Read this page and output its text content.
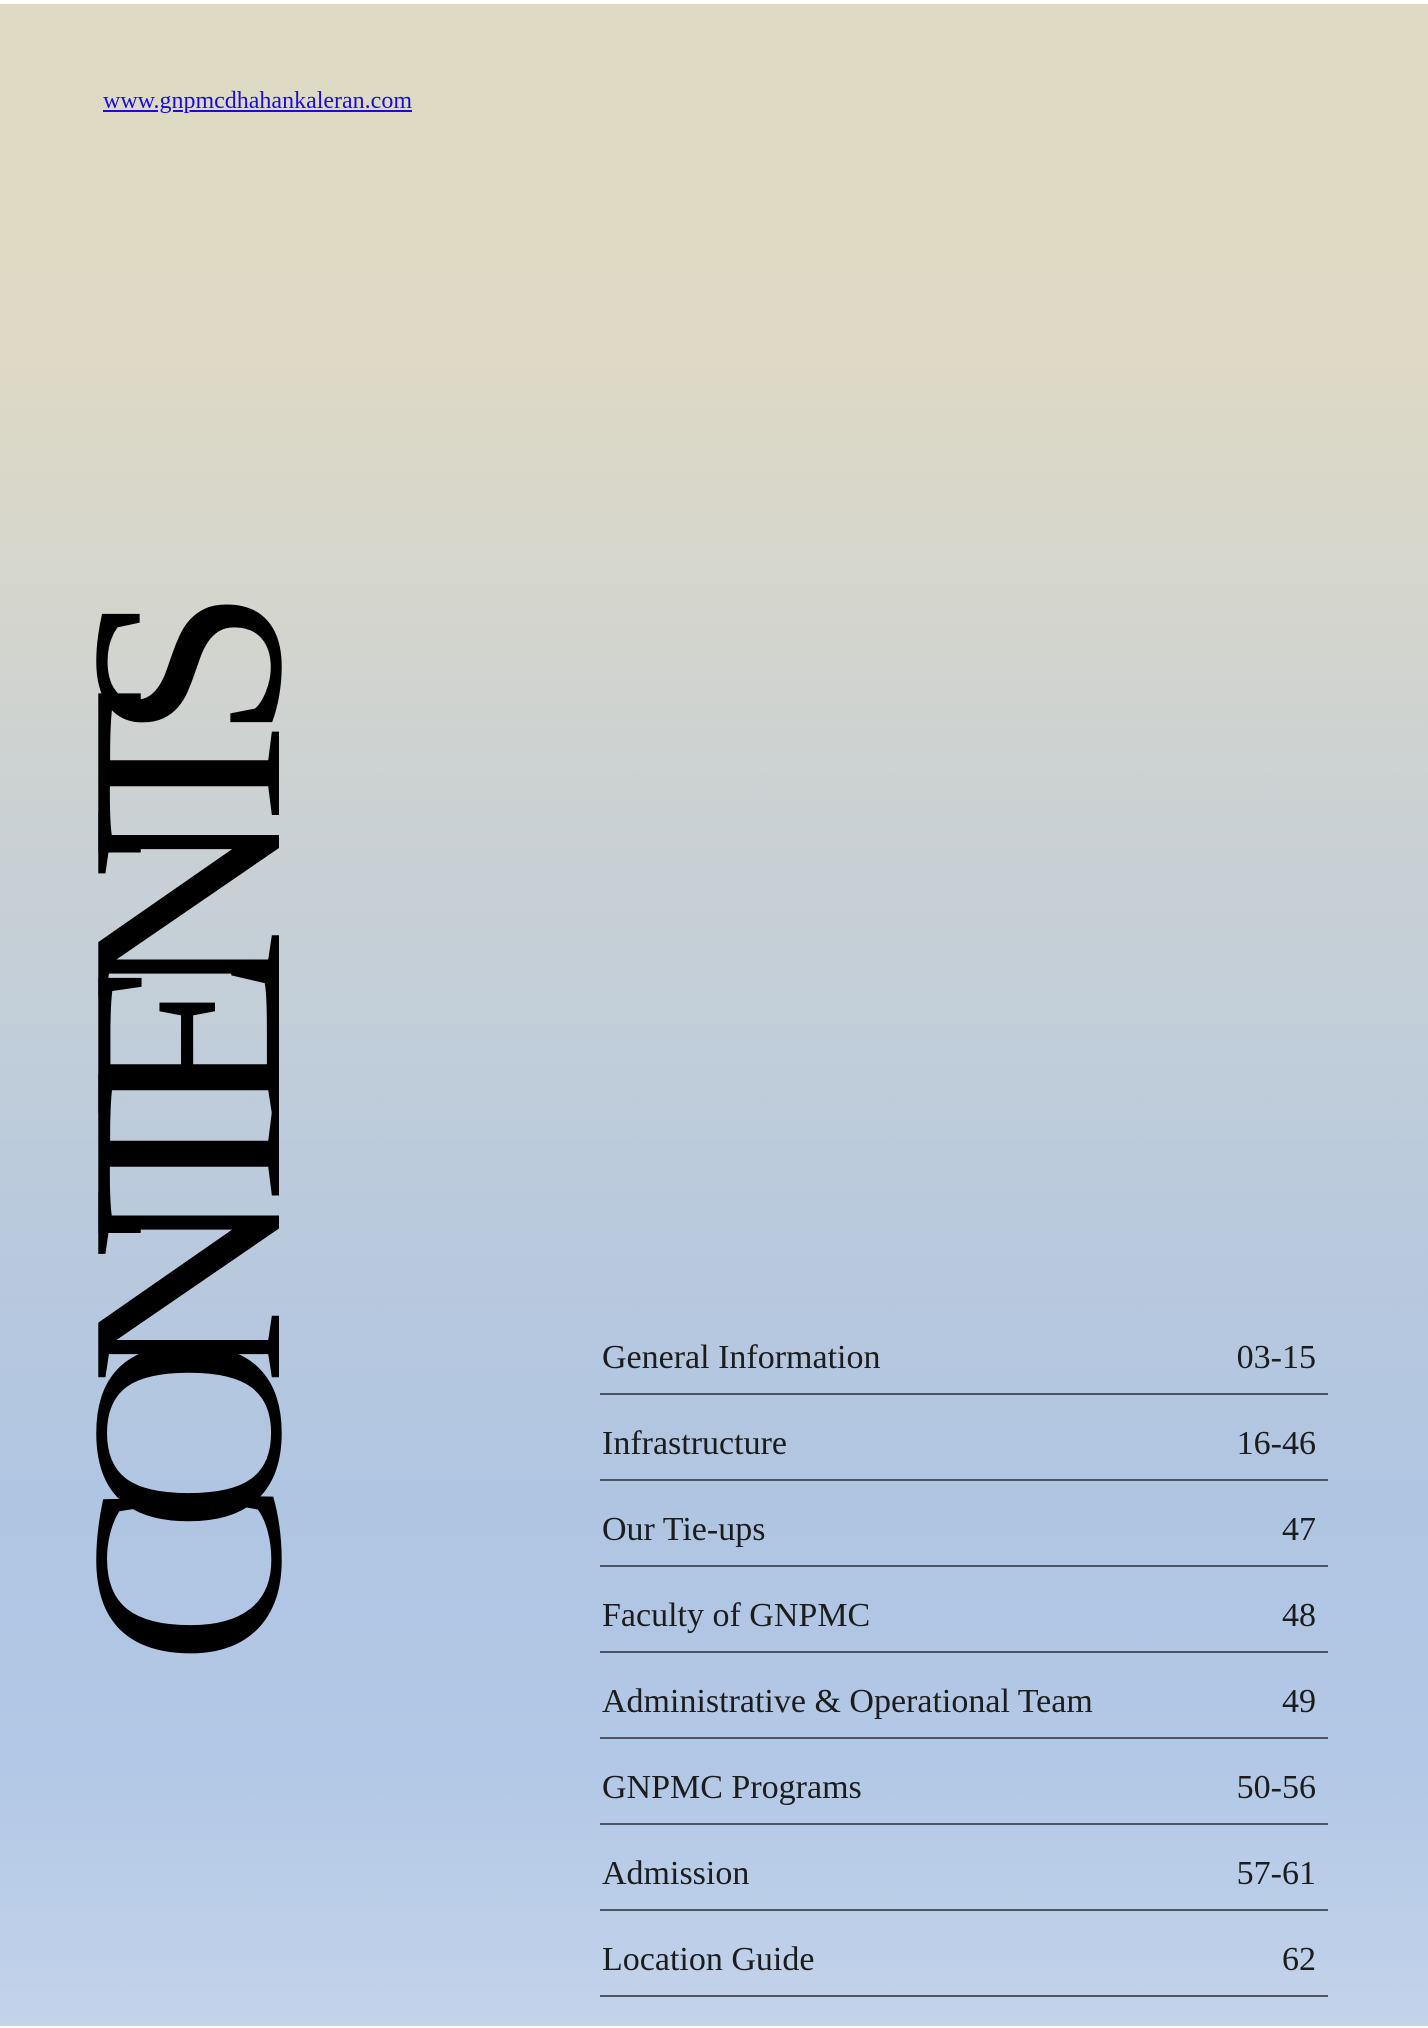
www.gnpmcdhahankaleran.com
CONTENTS	General Information	03-15
Infrastructure	16-46
Our Tie-ups	47
Faculty of GNPMC	48
Administrative & Operational Team	49
GNPMC Programs	50-56
Admission	57-61
Location Guide	62
